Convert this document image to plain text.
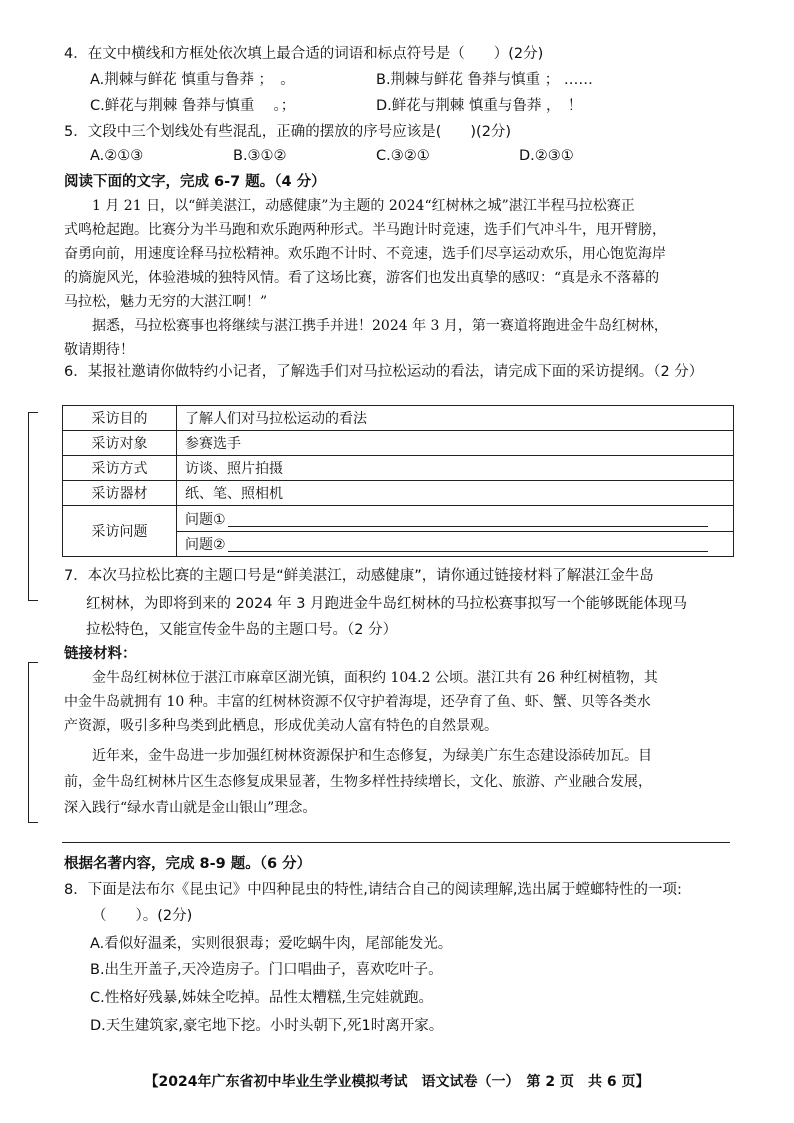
4．在文中横线和方框处依次填上最合适的词语和标点符号是（　　）(2分)
A.荆棘与鲜花 慎重与鲁莽 ；　。	B.荆棘与鲜花 鲁莽与慎重 ； ……
C.鲜花与荆棘 鲁莽与慎重 　。；	D.鲜花与荆棘 慎重与鲁莽 ，　！
5．文段中三个划线处有些混乱，正确的摆放的序号应该是(　　)(2分)
A.②①③	B.③①②	C.③②①	D.②③①
阅读下面的文字，完成 6-7 题。（4 分）
1 月 21 日，以“鲜美湛江，动感健康”为主题的 2024“红树林之城”湛江半程马拉松赛正
式鸣枪起跑。比赛分为半马跑和欢乐跑两种形式。半马跑计时竞速，选手们气冲斗牛，甩开臂膀，
奋勇向前，用速度诠释马拉松精神。欢乐跑不计时、不竞速，选手们尽享运动欢乐，用心饱览海岸
的旖旎风光，体验港城的独特风情。看了这场比赛，游客们也发出真挚的感叹：“真是永不落幕的
马拉松，魅力无穷的大湛江啊！”
据悉，马拉松赛事也将继续与湛江携手并进！2024 年 3 月，第一赛道将跑进金牛岛红树林，
敬请期待！
6．某报社邀请你做特约小记者，了解选手们对马拉松运动的看法，请完成下面的采访提纲。（2 分）
采访目的	了解人们对马拉松运动的看法
采访对象	参赛选手
采访方式	访谈、照片拍摄
采访器材	纸、笔、照相机
采访问题	问题①
问题②
7．本次马拉松比赛的主题口号是“鲜美湛江，动感健康”，请你通过链接材料了解湛江金牛岛
红树林，为即将到来的 2024 年 3 月跑进金牛岛红树林的马拉松赛事拟写一个能够既能体现马
拉松特色，又能宣传金牛岛的主题口号。（2 分）
链接材料：
金牛岛红树林位于湛江市麻章区湖光镇，面积约 104.2 公顷。湛江共有 26 种红树植物，其
中金牛岛就拥有 10 种。丰富的红树林资源不仅守护着海堤，还孕育了鱼、虾、蟹、贝等各类水
产资源，吸引多种鸟类到此栖息，形成优美动人富有特色的自然景观。
近年来，金牛岛进一步加强红树林资源保护和生态修复，为绿美广东生态建设添砖加瓦。目
前，金牛岛红树林片区生态修复成果显著，生物多样性持续增长，文化、旅游、产业融合发展，
深入践行“绿水青山就是金山银山”理念。
根据名著内容，完成 8-9 题。（6 分）
8．下面是法布尔《昆虫记》中四种昆虫的特性,请结合自己的阅读理解,选出属于螳螂特性的一项:
（　　）。(2分)
A.看似好温柔，实则很狠毒；爱吃蜗牛肉，尾部能发光。
B.出生开盖子,天冷造房子。门口唱曲子，喜欢吃叶子。
C.性格好残暴,姊妹全吃掉。品性太糟糕,生完娃就跑。
D.天生建筑家,豪宅地下挖。小时头朝下,死1时离开家。
【2024年广东省初中毕业生学业模拟考试　语文试卷（一）　第 2 页　共 6 页】
